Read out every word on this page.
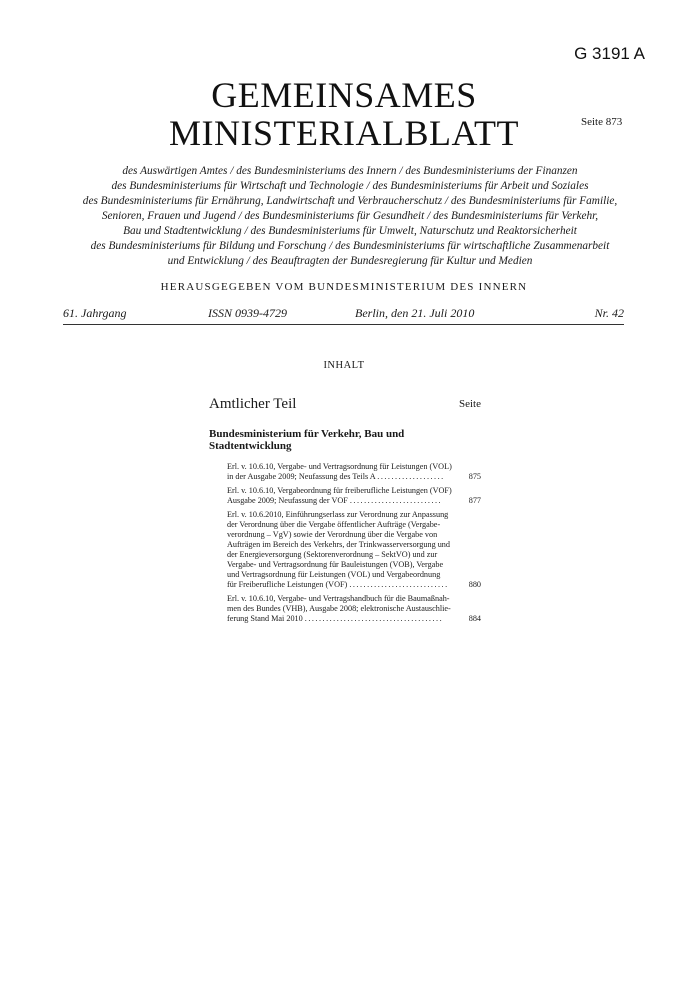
G 3191 A
GEMEINSAMES
MINISTERIALBLATT	Seite 873
des Auswärtigen Amtes / des Bundesministeriums des Innern / des Bundesministeriums der Finanzen
des Bundesministeriums für Wirtschaft und Technologie / des Bundesministeriums für Arbeit und Soziales
des Bundesministeriums für Ernährung, Landwirtschaft und Verbraucherschutz / des Bundesministeriums für Familie,
Senioren, Frauen und Jugend / des Bundesministeriums für Gesundheit / des Bundesministeriums für Verkehr,
Bau und Stadtentwicklung / des Bundesministeriums für Umwelt, Naturschutz und Reaktorsicherheit
des Bundesministeriums für Bildung und Forschung / des Bundesministeriums für wirtschaftliche Zusammenarbeit
und Entwicklung / des Beauftragten der Bundesregierung für Kultur und Medien
HERAUSGEGEBEN VOM BUNDESMINISTERIUM DES INNERN
61. Jahrgang	ISSN 0939-4729	Berlin, den 21. Juli 2010	Nr. 42
INHALT
Amtlicher Teil	Seite
Bundesministerium für Verkehr, Bau und
Stadtentwicklung
Erl. v. 10.6.10, Vergabe- und Vertragsordnung für Leistungen (VOL)
in der Ausgabe 2009; Neufassung des Teils A ...................	875
Erl. v. 10.6.10, Vergabeordnung für freiberufliche Leistungen (VOF)
Ausgabe 2009; Neufassung der VOF ..........................	877
Erl. v. 10.6.2010, Einführungserlass zur Verordnung zur Anpassung
der Verordnung über die Vergabe öffentlicher Aufträge (Vergabe-
verordnung – VgV) sowie der Verordnung über die Vergabe von
Aufträgen im Bereich des Verkehrs, der Trinkwasserversorgung und
der Energieversorgung (Sektorenverordnung – SektVO) und zur
Vergabe- und Vertragsordnung für Bauleistungen (VOB), Vergabe
und Vertragsordnung für Leistungen (VOL) und Vergabeordnung
für Freiberufliche Leistungen (VOF) ............................	880
Erl. v. 10.6.10, Vergabe- und Vertragshandbuch für die Baumaßnah-
men des Bundes (VHB), Ausgabe 2008; elektronische Austauschlie-
ferung Stand Mai 2010 .......................................	884
